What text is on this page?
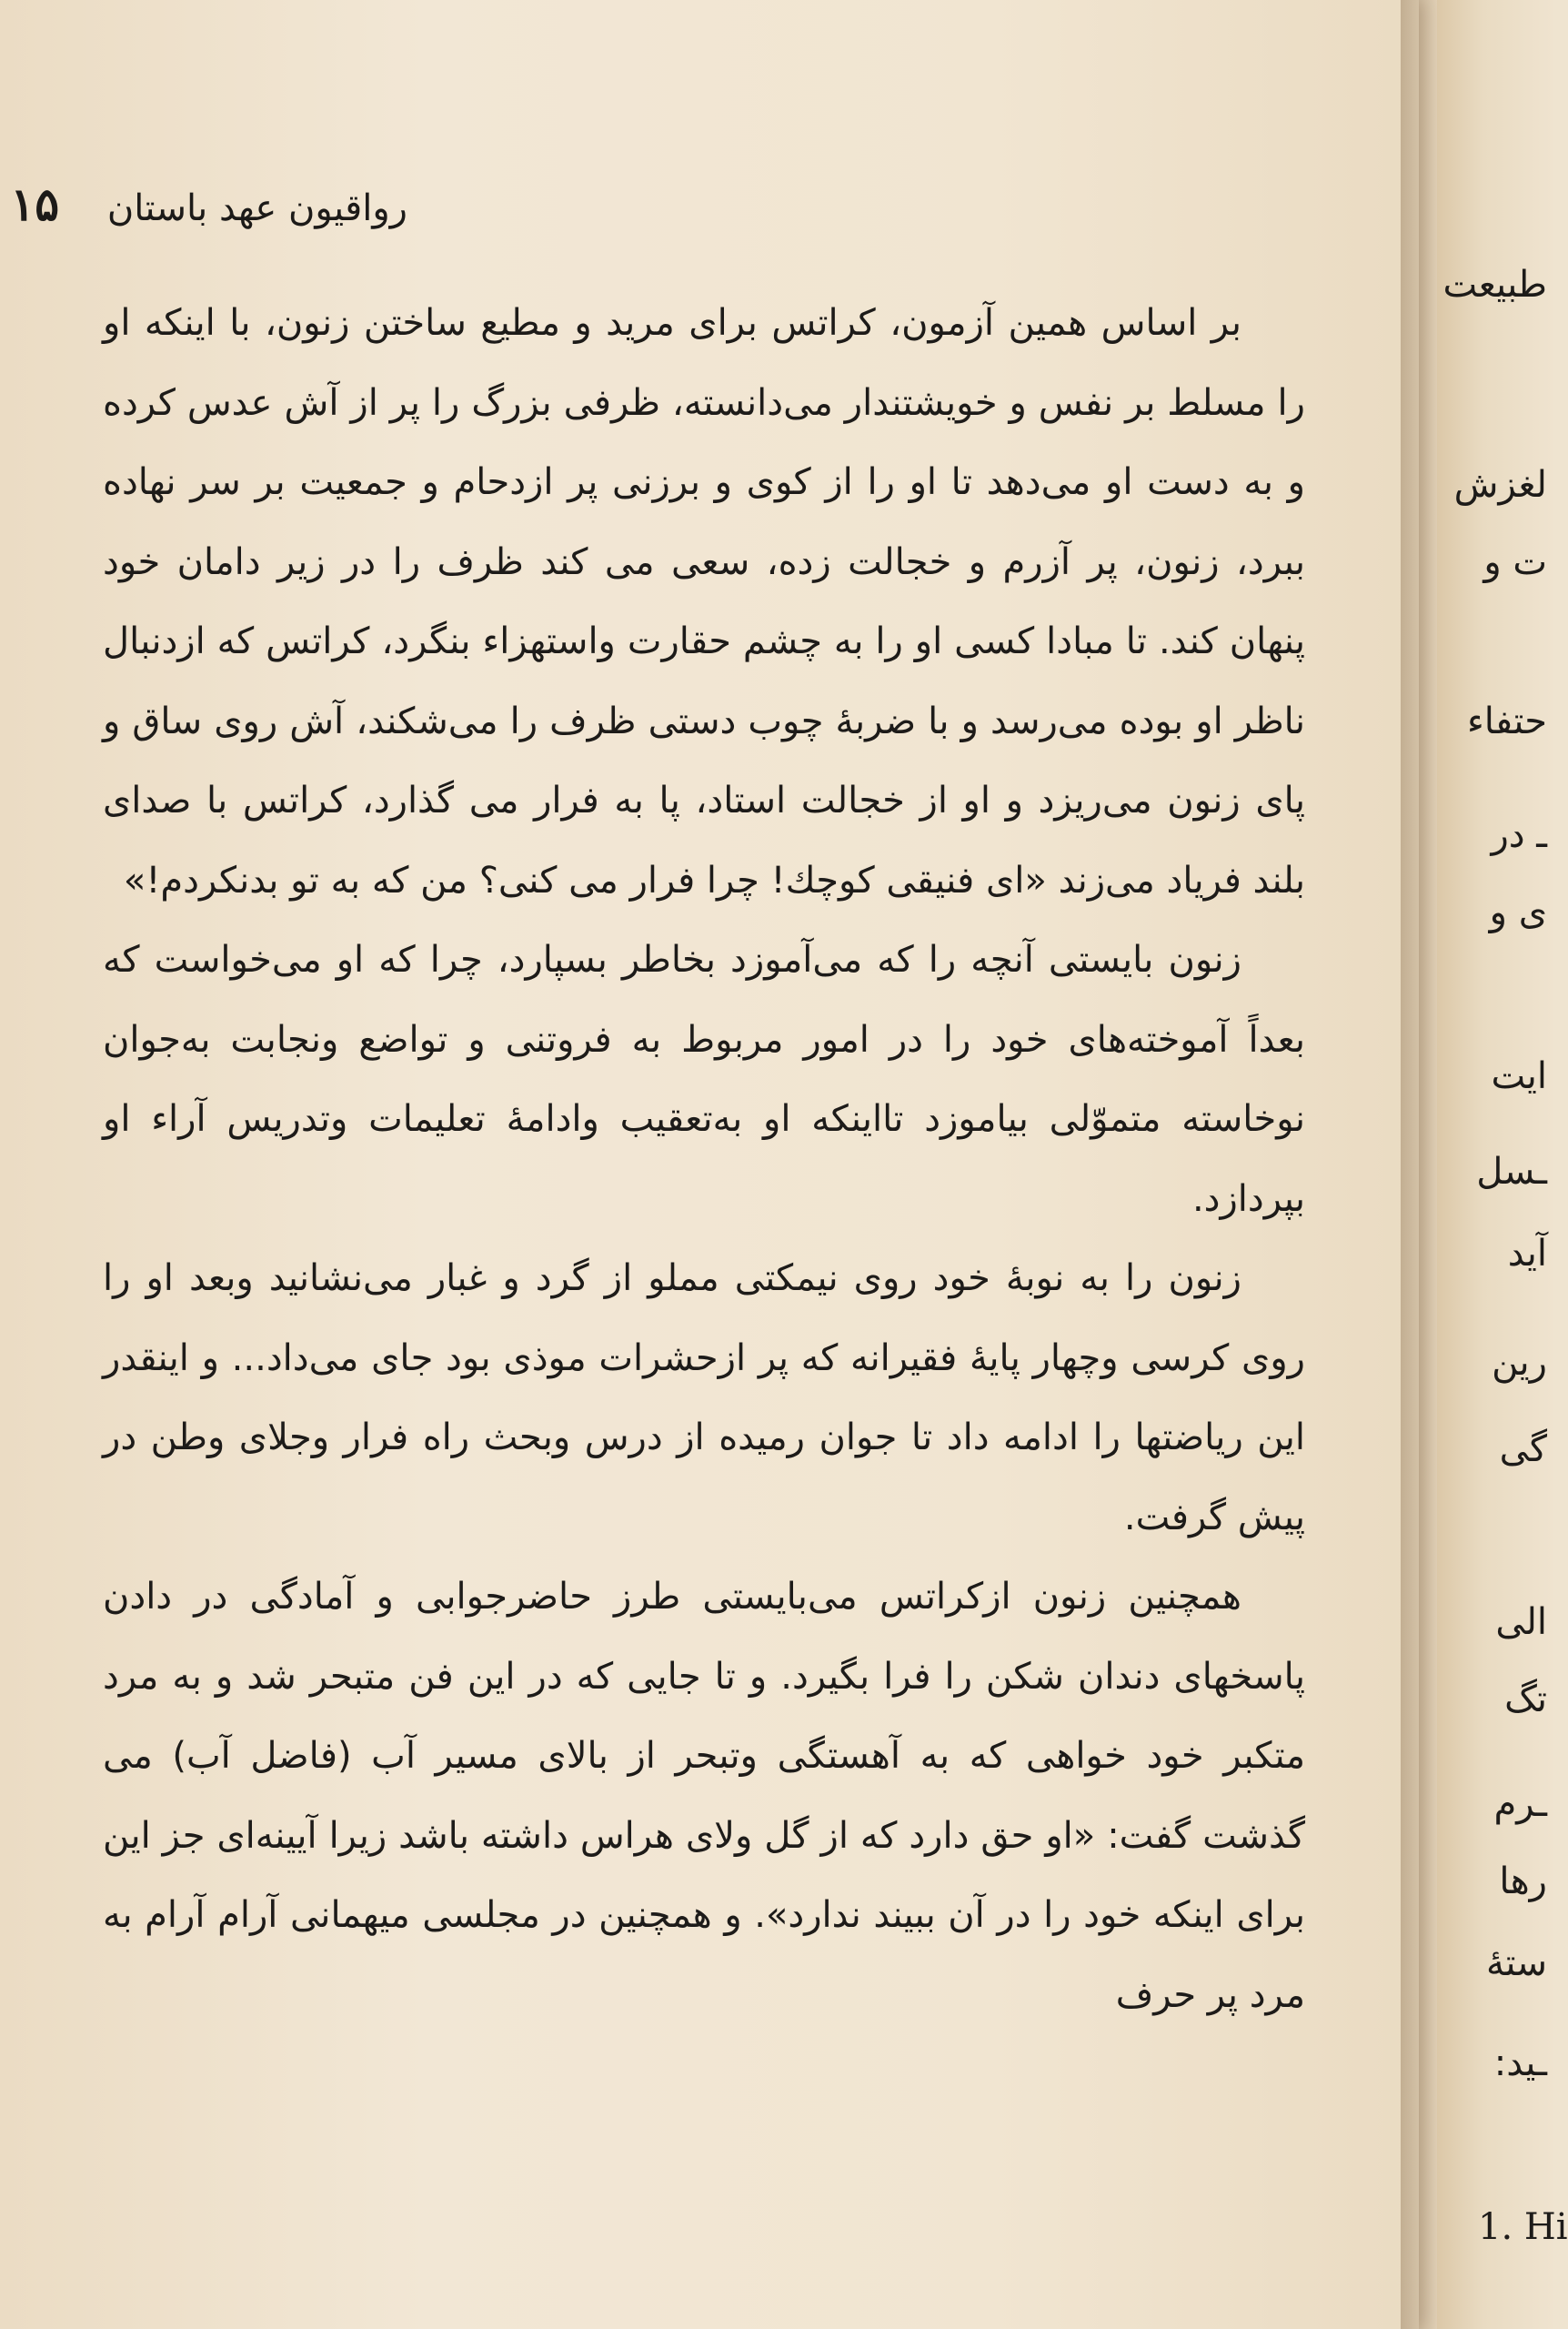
رواقیون عهد باستان ۱۵

بر اساس همین آزمون، کراتس برای مرید و مطیع ساختن زنون، با اینکه او را مسلط بر نفس و خویشتندار می‌دانسته، ظرفی بزرگ را پر از آش عدس کرده و به دست او می‌دهد تا او را از کوی و برزنی پر ازدحام و جمعیت بر سر نهاده ببرد، زنون، پر آزرم و خجالت زده، سعی می کند ظرف را در زیر دامان خود پنهان کند. تا مبادا کسی او را به چشم حقارت واستهزاء بنگرد، کراتس که ازدنبال ناظر او بوده می‌رسد و با ضربهٔ چوب دستی ظرف را می‌شکند، آش روی ساق و پای زنون می‌ریزد و او از خجالت استاد، پا به فرار می گذارد، کراتس با صدای بلند فریاد می‌زند «ای فنیقی کوچك! چرا فرار می کنی؟ من که به تو بدنکردم!»

زنون بایستی آنچه را که می‌آموزد بخاطر بسپارد، چرا که او می‌خواست که بعداً آموخته‌های خود را در امور مربوط به فروتنی و تواضع ونجابت به‌جوان نوخاسته متموّلی بیاموزد تااینکه او به‌تعقیب وادامهٔ تعلیمات وتدریس آراء او بپردازد.

زنون را به نوبهٔ خود روی نیمکتی مملو از گرد و غبار می‌نشانید وبعد او را روی کرسی وچهار پایهٔ فقیرانه که پر ازحشرات موذی بود جای می‌داد... و اینقدر این ریاضتها را ادامه داد تا جوان رمیده از درس وبحث راه فرار وجلای وطن در پیش گرفت.

همچنین زنون ازکراتس می‌بایستی طرز حاضرجوابی و آمادگی در دادن پاسخهای دندان شکن را فرا بگیرد. و تا جایی که در این فن متبحر شد و به مرد متکبر خود خواهی که به آهستگی وتبحر از بالای مسیر آب (فاضل آب) می گذشت گفت: «او حق دارد که از گل ولای هراس داشته باشد زیرا آیینه‌ای جز این برای اینکه خود را در آن ببیند ندارد». و همچنین در مجلسی میهمانی آرام آرام به مرد پر حرف

طبیعت
لغزش
ت و
حتفاء
ـ در
ی و
ایت
ـسل
آید
رین
گی
الی
تگ
ـرم
رها
ستهٔ
ـید:
1. Hi
